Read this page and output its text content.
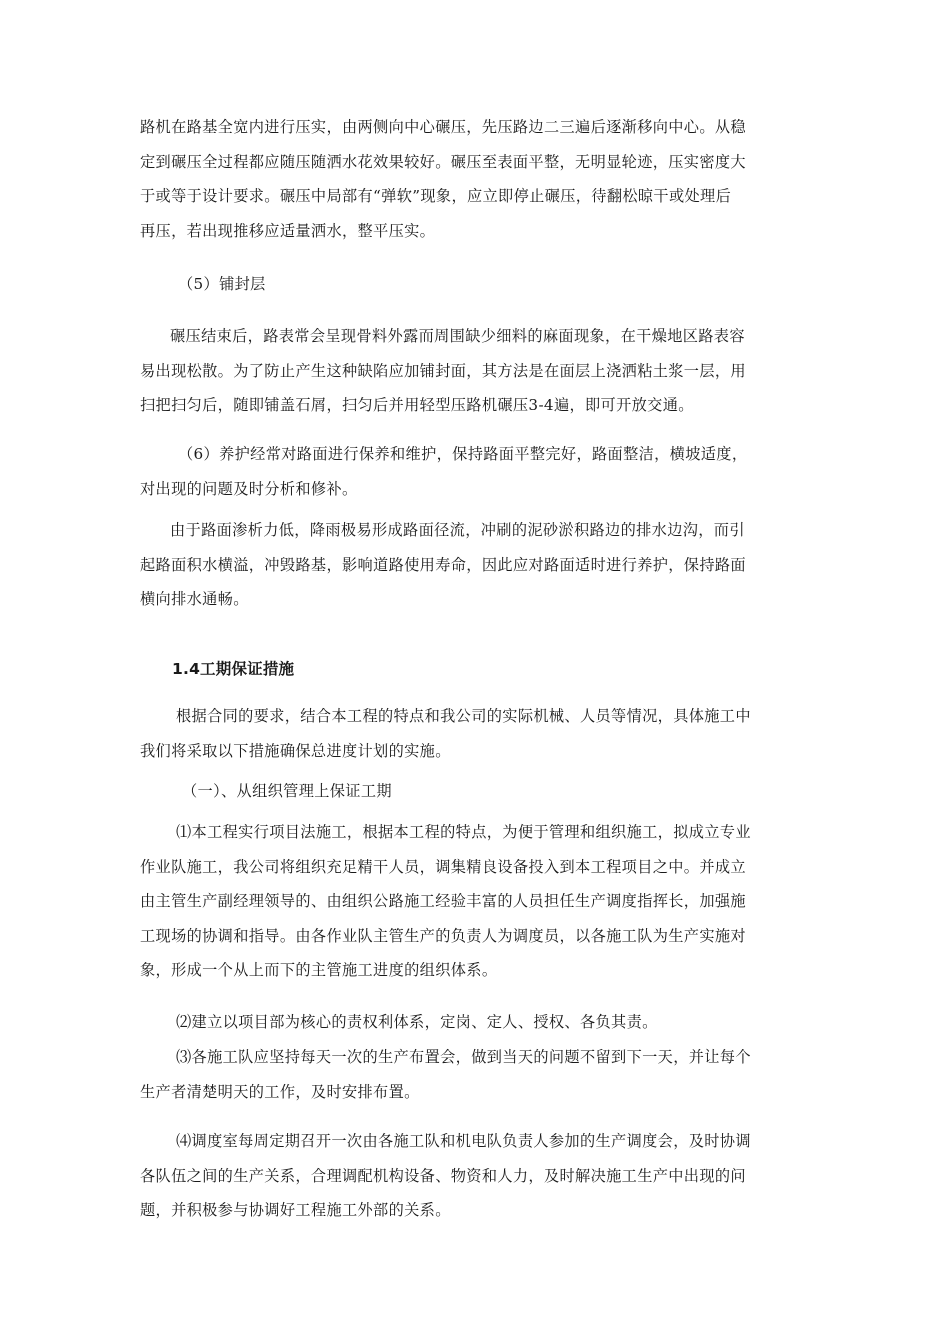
路机在路基全宽内进行压实，由两侧向中心碾压，先压路边二三遍后逐渐移向中心。从稳
定到碾压全过程都应随压随洒水花效果较好。碾压至表面平整，无明显轮迹，压实密度大
于或等于设计要求。碾压中局部有“弹软”现象，应立即停止碾压，待翻松晾干或处理后
再压，若出现推移应适量洒水，整平压实。
（5）铺封层
碾压结束后，路表常会呈现骨料外露而周围缺少细料的麻面现象，在干燥地区路表容
易出现松散。为了防止产生这种缺陷应加铺封面，其方法是在面层上浇洒粘土浆一层，用
扫把扫匀后，随即铺盖石屑，扫匀后并用轻型压路机碾压3-4遍，即可开放交通。
（6）养护经常对路面进行保养和维护，保持路面平整完好，路面整洁，横坡适度，
对出现的问题及时分析和修补。
由于路面渗析力低，降雨极易形成路面径流，冲刷的泥砂淤积路边的排水边沟，而引
起路面积水横溢，冲毁路基，影响道路使用寿命，因此应对路面适时进行养护，保持路面
横向排水通畅。
1.4工期保证措施
根据合同的要求，结合本工程的特点和我公司的实际机械、人员等情况，具体施工中
我们将采取以下措施确保总进度计划的实施。
（一）、从组织管理上保证工期
⑴本工程实行项目法施工，根据本工程的特点，为便于管理和组织施工，拟成立专业
作业队施工，我公司将组织充足精干人员，调集精良设备投入到本工程项目之中。并成立
由主管生产副经理领导的、由组织公路施工经验丰富的人员担任生产调度指挥长，加强施
工现场的协调和指导。由各作业队主管生产的负责人为调度员，以各施工队为生产实施对
象，形成一个从上而下的主管施工进度的组织体系。
⑵建立以项目部为核心的责权利体系，定岗、定人、授权、各负其责。
⑶各施工队应坚持每天一次的生产布置会，做到当天的问题不留到下一天，并让每个
生产者清楚明天的工作，及时安排布置。
⑷调度室每周定期召开一次由各施工队和机电队负责人参加的生产调度会，及时协调
各队伍之间的生产关系，合理调配机构设备、物资和人力，及时解决施工生产中出现的问
题，并积极参与协调好工程施工外部的关系。
